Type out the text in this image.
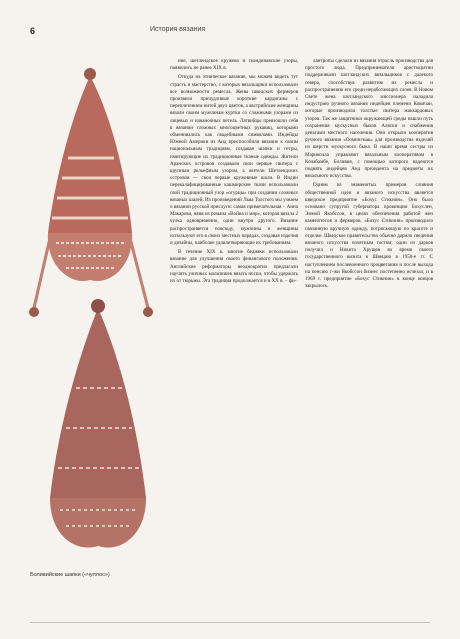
6	История вязания
Боливийские шапки («чуллос»)

ние, шетлендское кружево и скандинавские узоры, появились не ранее XIX в.

Откуда на этническое вязание, мы можем видеть тут страсть и мастерство, с которых вязальщики использовали все возможности ремесла. Жены шведских фермеров произвели причудливые короткие кардиганы с переплетением нитей двух цветов, а австрийские женщины вязали своим мужчинам куртки со сложными узорами из лицевых и изнаночных петель. Латвийцы превзошли себя в вязании сложных многоцветных рукавиц, которыми обменивались как свадебными символами. Индейцы Южной Америки из Анд приспособили вязание к своим национальным традициям, создавая шапки и гетры, имитирующие их традиционные тканые одежды. Жители Аранских островов создавали свои первые свитера с крупным рельефным узором, а жители Шетлендских островов — свои первые кружевные шали. В Индии перекалафицированные кашмирские ткачи использовали свой традиционный узор «огурцы» при создании сложных вязаных шалей. Из произведений Льва Толстого мы узнаем о вязании русской прислуги: самая примечательная – Анна Макарова, няня из романа «Война и мир», которая вязала 2 чулка одновременно, один внутри другого. Вязание распространяется повсюду, мужчины и женщины используют его в своих местных нарядах, создавая изделия и дизайны, наиболее удовлетворяющие их требованиям.

В течение XIX в. многие бедняки использовали вязание для улучшения своего финансового положения. Английские реформаторы неоднократно предлагали научить уличных мальчишек вязать носки, чтобы удержать их от тюрьмы. Эта традиция продолжается и в ХХ в. – фи-

лантропы сделали из вязания отрасль производства для простого люда. Предприниматели аристократии поддерживали шотландских вязальщиков с далекого севера, способствуя развитию их ремесла и распространению его среди неработающих слоев. В Новом Свете жена шотландского миссионера наладила индустрию ручного вязания индейцев племени Ковичан, которые производили толстые свитера жаккардовых узоров. Так же защитники окружающей среды нашли путь сохранения мускусных быков Аляски и снабжения деньгами местного населения. Они открыли кооператив ручного вязания «Оомингмак» для производства изделий из шерсти мускусного быка. В наши время сестры из Мариколла управляют вязальным кооперативом в Кочабамбе, Боливия, с помощью которого надеются поднять индейцев Анд президента на предметы их вязального искусства.

Одним из знаменитых примеров слияния общественной идеи и вязаного искусства является шведское предприятие «Бохус Стикнин». Оно было основано супругой губернатора провинции Бохуслен, Эммой Якобссон, в целях обеспечения работой жен каменотесов и фермеров. «Бохус Стикнин» производило связанную вручную одежду, потрясающую по красоте и отделке. Шведское правительство обычно дарило сведения вязаного искусства почетным гостям; один из дарков получил и Никита Хрущев во время своего государственного визита в Швецию в 1950-е гг. С наступлением послевоенного процветания и после выхода на пенсию г-жи Якобссон бизнес постепенно исчезал, и в 1969 г. предприятие «Бохус Стикнин» в конце концов закрылось.
